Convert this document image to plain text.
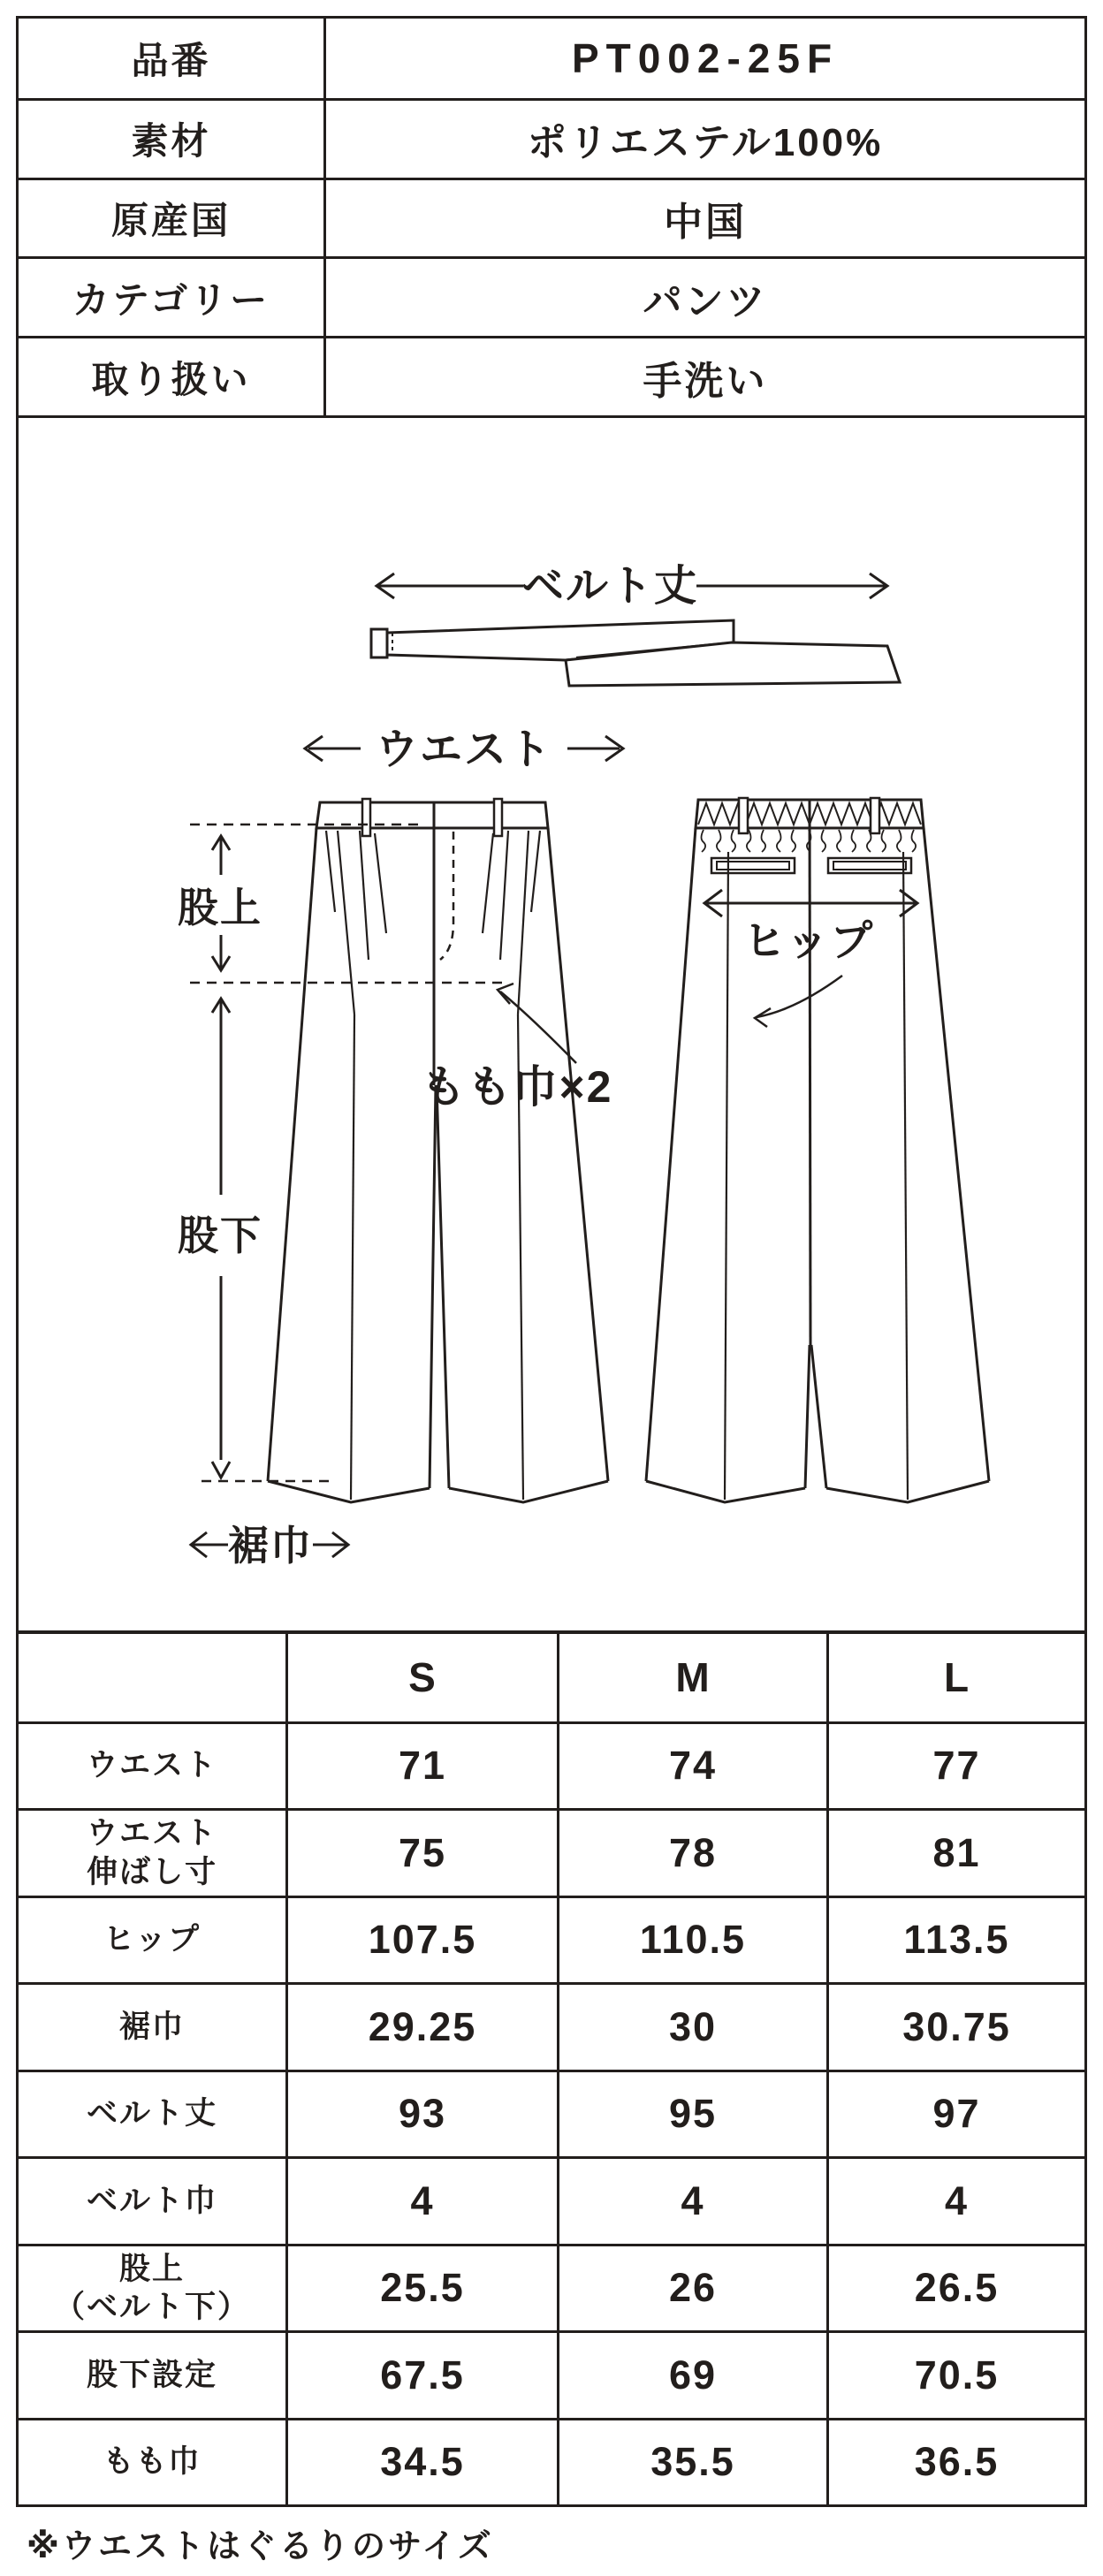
品番	PT002-25F
素材	ポリエステル100%
原産国	中国
カテゴリー	パンツ
取り扱い	手洗い
ベルト丈
ウエスト
股上
もも巾×2
ヒップ
股下
裾巾
S	M	L
ウエスト	71	74	77
ウエスト
伸ばし寸	75	78	81
ヒップ	107.5	110.5	113.5
裾巾	29.25	30	30.75
ベルト丈	93	95	97
ベルト巾	4	4	4
股上
（ベルト下）	25.5	26	26.5
股下設定	67.5	69	70.5
もも巾	34.5	35.5	36.5
※ウエストはぐるりのサイズ
